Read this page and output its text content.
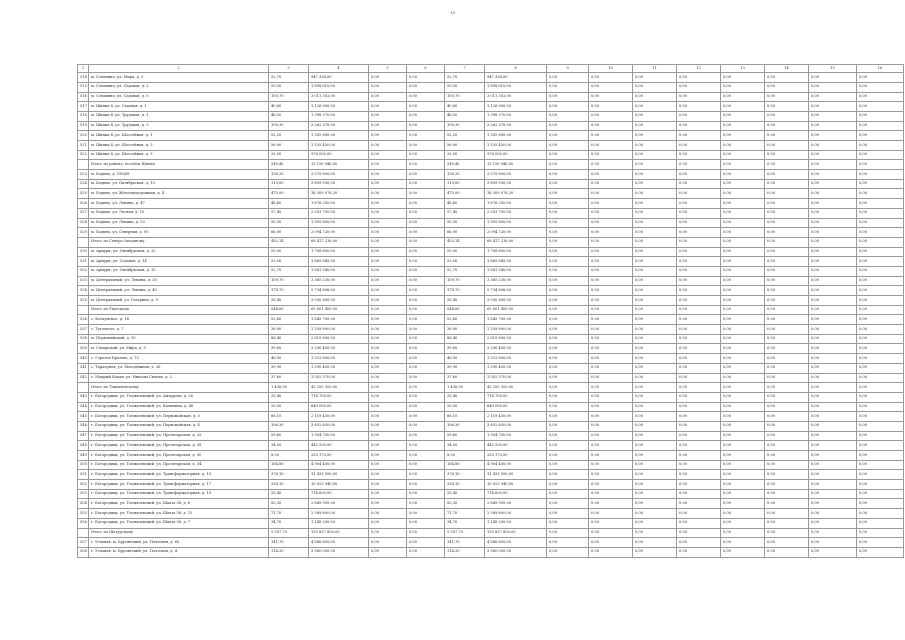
18
1	2	3	4	5	6	7	8	9	10	11	12	13	14	15	16
514	м. Сочихино, ул. Мира, д. 3	52,70	947 334,00	0,00	0,00	52,70	947 334,00	0,00	0,00	0,00	0,00	0,00	0,00	0,00	0,00
515	м. Сочихино, ул. Садовая, д. 2	59,50	1 898 610,00	0,00	0,00	59,50	1 898 610,00	0,00	0,00	0,00	0,00	0,00	0,00	0,00	0,00
516	м. Сочихино, ул. Садовая, д. 5	100,70	3 011 302,00	0,00	0,00	100,70	3 011 302,00	0,00	0,00	0,00	0,00	0,00	0,00	0,00	0,00
517	м. Шипка-4, ул. Садовая, д. 1	40,60	1 126 900,00	0,00	0,00	40,60	1 126 900,00	0,00	0,00	0,00	0,00	0,00	0,00	0,00	0,00
518	м. Шипка-4, ул. Трудовая, д. 1	46,50	1 398 370,00	0,00	0,00	46,50	1 398 370,00	0,00	0,00	0,00	0,00	0,00	0,00	0,00	0,00
519	м. Шипка-4, ул. Трудовая, д. 5	108,30	3 262 370,00	0,00	0,00	108,30	3 262 370,00	0,00	0,00	0,00	0,00	0,00	0,00	0,00	0,00
520	м. Шипка-4, ул. Шоссейная, д. 1	52,20	1 392 800,00	0,00	0,00	52,20	1 392 800,00	0,00	0,00	0,00	0,00	0,00	0,00	0,00	0,00
521	м. Шипка-4, ул. Шоссейная, д. 3	56,90	1 135 450,00	0,00	0,00	56,90	1 135 450,00	0,00	0,00	0,00	0,00	0,00	0,00	0,00	0,00
522	м. Шипка-4, ул. Шоссейная, д. 5	32,00	976 000,00	0,00	0,00	32,00	976 000,00	0,00	0,00	0,00	0,00	0,00	0,00	0,00	0,00
	Итого по району: посёлок Шипка	549,40	15 150 946,00	0,00	0,00	549,40	15 150 946,00	0,00	0,00	0,00	0,00	0,00	0,00	0,00	0,00
523	м. Бодино, д. 198/88	136,20	3 579 800,00	0,00	0,00	136,20	3 579 800,00	0,00	0,00	0,00	0,00	0,00	0,00	0,00	0,00
524	м. Бодино, ул. Октябрьская, д. 10	119,00	3 899 930,00	0,00	0,00	119,00	3 899 930,00	0,00	0,00	0,00	0,00	0,00	0,00	0,00	0,00
525	м. Бодино, ул. Железнодорожная, д. 4	475,00	16 309 076,20	0,00	0,00	475,00	16 309 076,20	0,00	0,00	0,00	0,00	0,00	0,00	0,00	0,00
526	м. Бодино, ул. Ленина, д. 47	48,60	1 676 250,00	0,00	0,00	48,60	1 676 250,00	0,00	0,00	0,00	0,00	0,00	0,00	0,00	0,00
527	м. Бодино, ул. Лесная, д. 10	57,40	2 093 700,00	0,00	0,00	57,40	2 093 700,00	0,00	0,00	0,00	0,00	0,00	0,00	0,00	0,00
528	м. Бодино, ул. Ленина, д. 53	55,30	1 959 800,00	0,00	0,00	55,30	1 959 800,00	0,00	0,00	0,00	0,00	0,00	0,00	0,00	0,00
529	м. Бодино, ул. Северная, д. 95	66,90	2 094 720,00	0,00	0,00	66,90	2 094 720,00	0,00	0,00	0,00	0,00	0,00	0,00	0,00	0,00
	Итого по Северо-Западному	492,14	68 417 216,00	0,00	0,00	493,14	68 417 216,00	0,00	0,00	0,00	0,00	0,00	0,00	0,00	0,00
530	м. Армури, ул. Октябрьская, д. 12	59,00	1 708 600,00	0,00	0,00	59,00	1 708 600,00	0,00	0,00	0,00	0,00	0,00	0,00	0,00	0,00
531	м. Армури, ул. Садовая, д. 14	53,56	1 669 845,00	0,00	0,00	53,56	1 669 845,00	0,00	0,00	0,00	0,00	0,00	0,00	0,00	0,00
532	м. Армури, ул. Октябрьская, д. 15	52,70	1 881 540,00	0,00	0,00	52,70	1 881 540,00	0,00	0,00	0,00	0,00	0,00	0,00	0,00	0,00
533	м. Центральный, ул. Ленина, д. 20	109,70	3 385 230,00	0,00	0,00	109,70	3 385 230,00	0,00	0,00	0,00	0,00	0,00	0,00	0,00	0,00
534	м. Центральный, ул. Ленина, д. 40	178,70	5 734 806,00	0,00	0,00	178,70	5 734 806,00	0,00	0,00	0,00	0,00	0,00	0,00	0,00	0,00
535	м. Центральный, ул. Гагарина, д. 9	58,40	3 030 800,00	0,00	0,00	58,40	3 030 800,00	0,00	0,00	0,00	0,00	0,00	0,00	0,00	0,00
	Итого по Уватскому	544,60	65 601 400,00	0,00	0,00	544,60	65 601 400,00	0,00	0,00	0,00	0,00	0,00	0,00	0,00	0,00
536	с. Коскунское, д. 14	52,80	1 645 700,00	0,00	0,00	52,80	1 645 700,00	0,00	0,00	0,00	0,00	0,00	0,00	0,00	0,00
537	с. Туголесье, д. 7	38,00	1 339 800,00	0,00	0,00	38,00	1 339 800,00	0,00	0,00	0,00	0,00	0,00	0,00	0,00	0,00
538	м. Первомайский, д. 10	88,40	2 815 800,00	0,00	0,00	88,40	2 815 800,00	0,00	0,00	0,00	0,00	0,00	0,00	0,00	0,00
539	м. Самарский, ул. Мира, д. 9	99,60	3 296 400,00	0,00	0,00	99,60	3 296 400,00	0,00	0,00	0,00	0,00	0,00	0,00	0,00	0,00
540	с. Горелое Бразово, д. 75	46,90	1 523 800,00	0,00	0,00	46,90	1 523 800,00	0,00	0,00	0,00	0,00	0,00	0,00	0,00	0,00
541	с. Тарачунов, ул. Молодёжная, д. 26	39,90	1 290 400,00	0,00	0,00	39,90	1 290 400,00	0,00	0,00	0,00	0,00	0,00	0,00	0,00	0,00
542	с. Мокрый Кадан, ул. Николы Склона, д. 2	37,60	1 052 370,00	0,00	0,00	37,60	1 052 370,00	0,00	0,00	0,00	0,00	0,00	0,00	0,00	0,00
	Итого по Токмачевскому	1 436,90	43 255 300,00	0,00	0,00	1 436,90	43 255 300,00	0,00	0,00	0,00	0,00	0,00	0,00	0,00	0,00
543	г. Богородицк, ул. Толмачевский, ул. Ампурова, д. 26	25,40	714 700,00	0,00	0,00	25,40	714 700,00	0,00	0,00	0,00	0,00	0,00	0,00	0,00	0,00
544	г. Богородицк, ул. Толмачевский, ул. Калинина, д. 46	20,00	640 000,00	0,00	0,00	20,00	640 000,00	0,00	0,00	0,00	0,00	0,00	0,00	0,00	0,00
545	г. Богородицк, ул. Толмачевский, ул. Первомайская, д. 3	66,10	2 119 450,00	0,00	0,00	66,10	2 119 450,00	0,00	0,00	0,00	0,00	0,00	0,00	0,00	0,00
546	г. Богородицк, ул. Толмачевский, ул. Первомайская, д. 4	106,30	3 852 650,00	0,00	0,00	106,30	3 852 650,00	0,00	0,00	0,00	0,00	0,00	0,00	0,00	0,00
547	г. Богородицк, ул. Толмачевский, ул. Пролетарская, д. 25	59,60	1 934 700,00	0,00	0,00	59,60	1 934 700,00	0,00	0,00	0,00	0,00	0,00	0,00	0,00	0,00
548	г. Богородицк, ул. Толмачевский, ул. Пролетарская, д. 28	14,00	445 500,00	0,00	0,00	14,00	445 500,00	0,00	0,00	0,00	0,00	0,00	0,00	0,00	0,00
549	г. Богородицк, ул. Толмачевский, ул. Пролетарская, д. 30	8,50	255 170,00	0,00	0,00	8,50	255 170,00	0,00	0,00	0,00	0,00	0,00	0,00	0,00	0,00
550	г. Богородицк, ул. Толмачевский, ул. Пролетарская, д. 34	164,80	4 904 400,00	0,00	0,00	164,80	4 904 400,00	0,00	0,00	0,00	0,00	0,00	0,00	0,00	0,00
551	г. Богородицк, ул. Толмачевский, ул. Трансформаторная, д. 15	376,10	11 431 050,00	0,00	0,00	376,10	11 431 050,00	0,00	0,00	0,00	0,00	0,00	0,00	0,00	0,00
552	г. Богородицк, ул. Толмачевский, ул. Трансформаторная, д. 17	338,10	10 923 940,00	0,00	0,00	338,10	10 923 940,00	0,00	0,00	0,00	0,00	0,00	0,00	0,00	0,00
553	г. Богородицк, ул. Толмачевский, ул. Трансформаторная, д. 19	25,40	714 600,00	0,00	0,00	25,40	714 600,00	0,00	0,00	0,00	0,00	0,00	0,00	0,00	0,00
554	г. Богородицк, ул. Толмачевский, ул. Шахта 58, д. 6	82,30	2 649 950,00	0,00	0,00	82,30	2 649 950,00	0,00	0,00	0,00	0,00	0,00	0,00	0,00	0,00
555	г. Богородицк, ул. Толмачевский, ул. Шахта 58, д. 12	71,70	2 389 600,00	0,00	0,00	71,70	2 389 600,00	0,00	0,00	0,00	0,00	0,00	0,00	0,00	0,00
556	г. Богородицк, ул. Толмачевский, ул. Шахта 58, д. 7	34,70	1 148 200,00	0,00	0,00	34,70	1 148 200,00	0,00	0,00	0,00	0,00	0,00	0,00	0,00	0,00
	Итого по Шатурскому	5 087,70	155 837 800,00	0,00	0,00	5 087,70	155 837 800,00	0,00	0,00	0,00	0,00	0,00	0,00	0,00	0,00
557	г. Узловая, м. Брусянский, ул. Почтовая, д. 60	141,70	4 586 850,00	0,00	0,00	141,70	4 586 850,00	0,00	0,00	0,00	0,00	0,00	0,00	0,00	0,00
558	г. Узловая, м. Брусянский, ул. Почтовая, д. 4	114,20	3 560 000,00	0,00	0,00	114,20	3 560 000,00	0,00	0,00	0,00	0,00	0,00	0,00	0,00	0,00
